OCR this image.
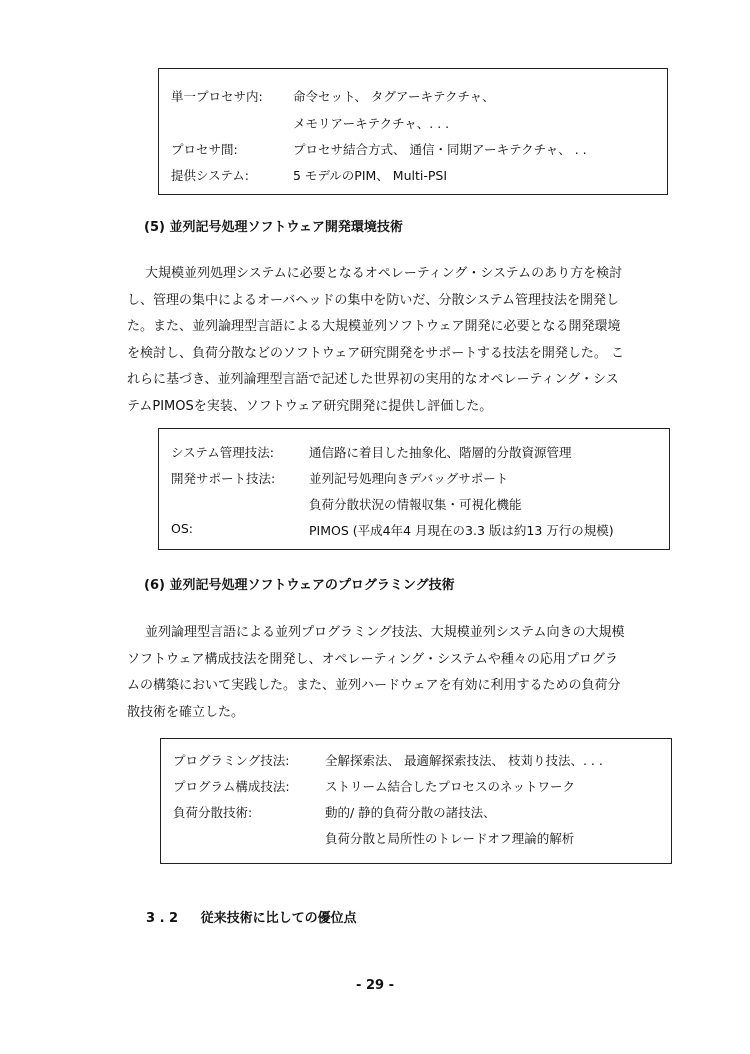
単一プロセサ内: 命令セット、 タグアーキテクチャ、
メモリアーキテクチャ、. . .
プロセサ間:	プロセサ結合方式、 通信・同期アーキテクチャ、 . .
提供システム:	5 モデルのPIM、 Multi-PSI
(5) 並列記号処理ソフトウェア開発環境技術

大規模並列処理システムに必要となるオペレーティング・システムのあり方を検討
し、管理の集中によるオーバヘッドの集中を防いだ、分散システム管理技法を開発し
た。また、並列論理型言語による大規模並列ソフトウェア開発に必要となる開発環境
を検討し、負荷分散などのソフトウェア研究開発をサポートする技法を開発した。 こ
れらに基づき、並列論理型言語で記述した世界初の実用的なオペレーティング・シス
テムPIMOSを実装、ソフトウェア研究開発に提供し評価した。

システム管理技法:	通信路に着目した抽象化、階層的分散資源管理
開発サポート技法:	並列記号処理向きデバッグサポート
負荷分散状況の情報収集・可視化機能
OS:	PIMOS (平成4年4 月現在の3.3 版は約13 万行の規模)
(6) 並列記号処理ソフトウェアのプログラミング技術

並列論理型言語による並列プログラミング技法、大規模並列システム向きの大規模
ソフトウェア構成技法を開発し、オペレーティング・システムや種々の応用プログラ
ムの構築において実践した。また、並列ハードウェアを有効に利用するための負荷分
散技術を確立した。

プログラミング技法:	全解探索法、 最適解探索技法、 枝苅り技法、. . .
プログラム構成技法:	ストリーム結合したプロセスのネットワーク
負荷分散技術:	動的/ 静的負荷分散の諸技法、
負荷分散と局所性のトレードオフ理論的解析
3 . 2 従来技術に比しての優位点
- 29 -
